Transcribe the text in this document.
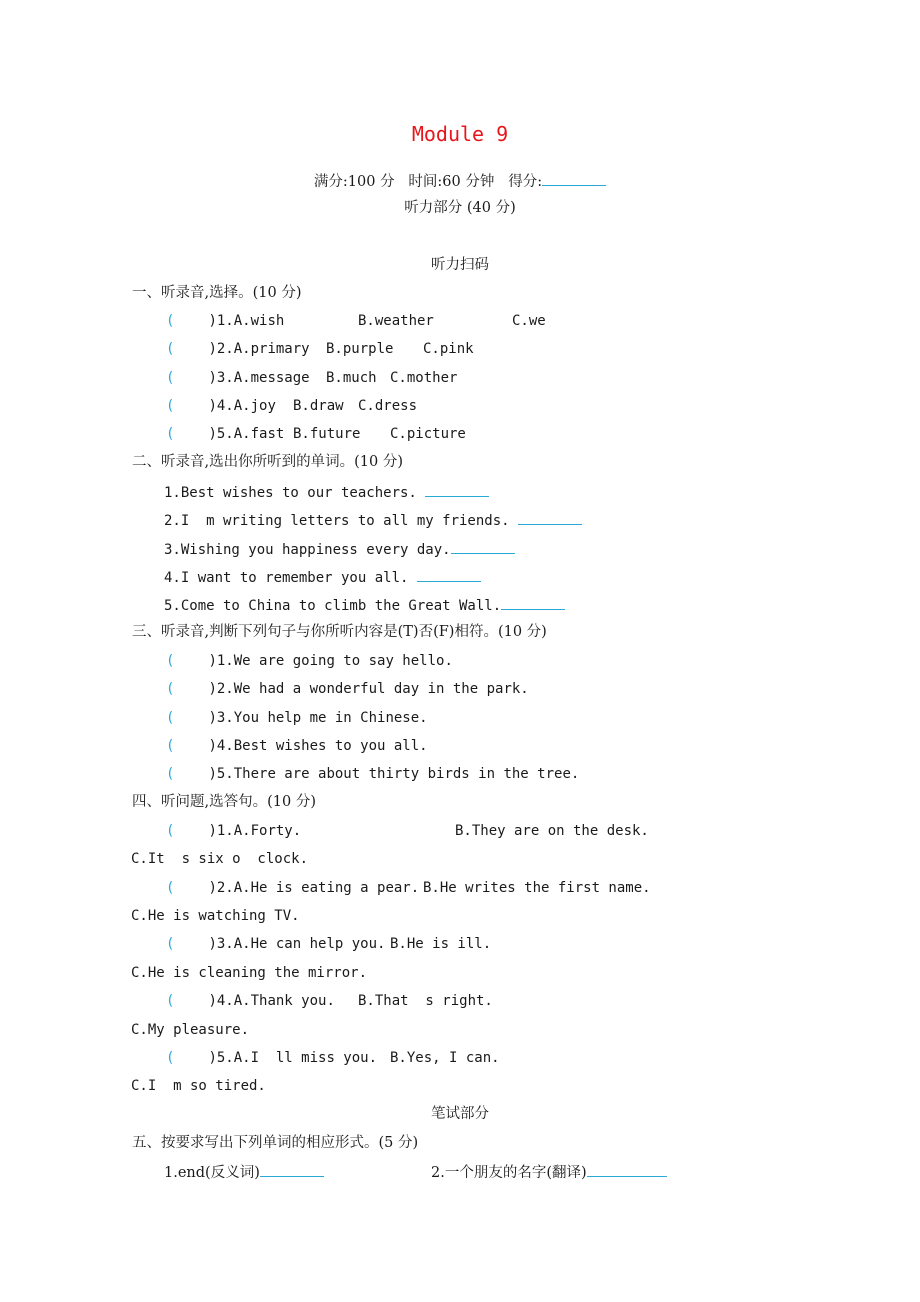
Module 9
满分:100 分   时间:60 分钟   得分:
听力部分 (40 分)
听力扫码
一、听录音,选择。(10 分)
( )1.A.wish	B.weather	C.we
( )2.A.primary B.purple C.pink
( )3.A.message B.much C.mother
( )4.A.joy B.draw C.dress
( )5.A.fast B.future C.picture
二、听录音,选出你所听到的单词。(10 分)
1.Best wishes to our teachers.
2.I  m writing letters to all my friends.
3.Wishing you happiness every day.
4.I want to remember you all.
5.Come to China to climb the Great Wall.
三、听录音,判断下列句子与你所听内容是(T)否(F)相符。(10 分)
( )1.We are going to say hello.
( )2.We had a wonderful day in the park.
( )3.You help me in Chinese.
( )4.Best wishes to you all.
( )5.There are about thirty birds in the tree.
四、听问题,选答句。(10 分)
( )1.A.Forty.	B.They are on the desk.
C.It  s six o  clock.
( )2.A.He is eating a pear. B.He writes the first name.
C.He is watching TV.
( )3.A.He can help you. B.He is ill.
C.He is cleaning the mirror.
( )4.A.Thank you. B.That  s right.
C.My pleasure.
( )5.A.I  ll miss you. B.Yes, I can.
C.I  m so tired.
笔试部分
五、按要求写出下列单词的相应形式。(5 分)
1.end(反义词)	2.一个朋友的名字(翻译)
